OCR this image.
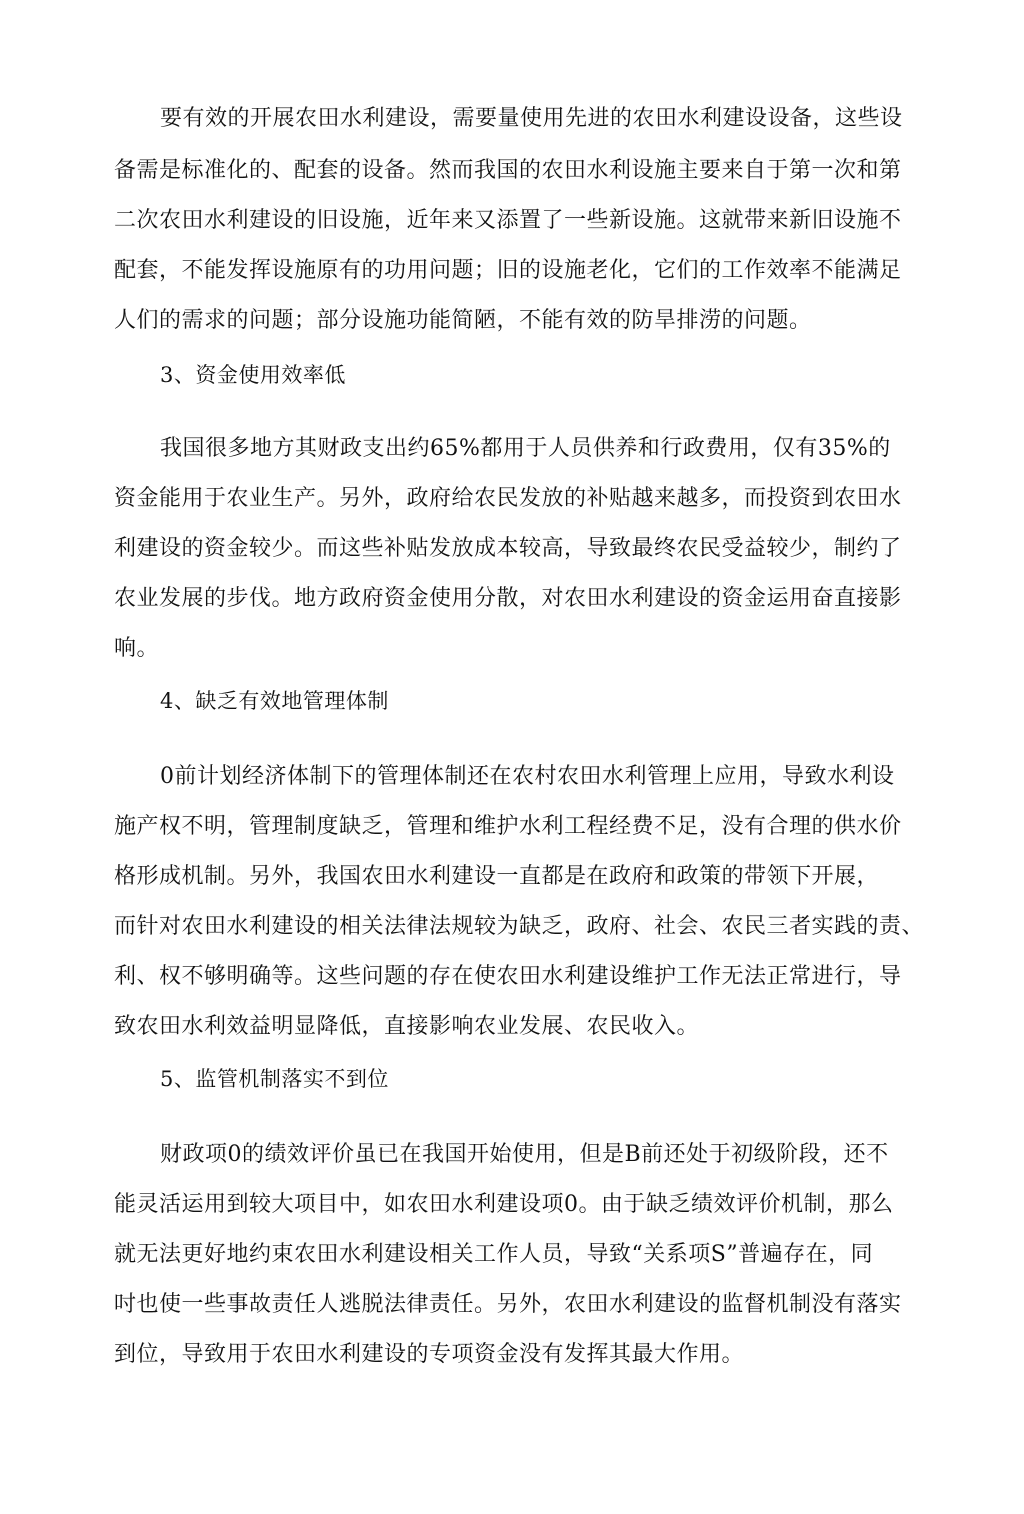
要有效的开展农田水利建设，需要量使用先进的农田水利建设设备，这些设
备需是标准化的、配套的设备。然而我国的农田水利设施主要来自于第一次和第
二次农田水利建设的旧设施，近年来又添置了一些新设施。这就带来新旧设施不
配套，不能发挥设施原有的功用问题；旧的设施老化，它们的工作效率不能满足
人们的需求的问题；部分设施功能简陋，不能有效的防旱排涝的问题。
3、资金使用效率低
我国很多地方其财政支出约65%都用于人员供养和行政费用，仅有35%的
资金能用于农业生产。另外，政府给农民发放的补贴越来越多，而投资到农田水
利建设的资金较少。而这些补贴发放成本较高，导致最终农民受益较少，制约了
农业发展的步伐。地方政府资金使用分散，对农田水利建设的资金运用奋直接影
响。
4、缺乏有效地管理体制
0前计划经济体制下的管理体制还在农村农田水利管理上应用，导致水利设
施产权不明，管理制度缺乏，管理和维护水利工程经费不足，没有合理的供水价
格形成机制。另外，我国农田水利建设一直都是在政府和政策的带领下开展，
而针对农田水利建设的相关法律法规较为缺乏，政府、社会、农民三者实践的责、
利、权不够明确等。这些问题的存在使农田水利建设维护工作无法正常进行，导
致农田水利效益明显降低，直接影响农业发展、农民收入。
5、监管机制落实不到位
财政项0的绩效评价虽已在我国开始使用，但是B前还处于初级阶段，还不
能灵活运用到较大项目中，如农田水利建设项0。由于缺乏绩效评价机制，那么
就无法更好地约束农田水利建设相关工作人员，导致“关系项S”普遍存在，同
吋也使一些事故责任人逃脱法律责任。另外，农田水利建设的监督机制没有落实
到位，导致用于农田水利建设的专项资金没有发挥其最大作用。
